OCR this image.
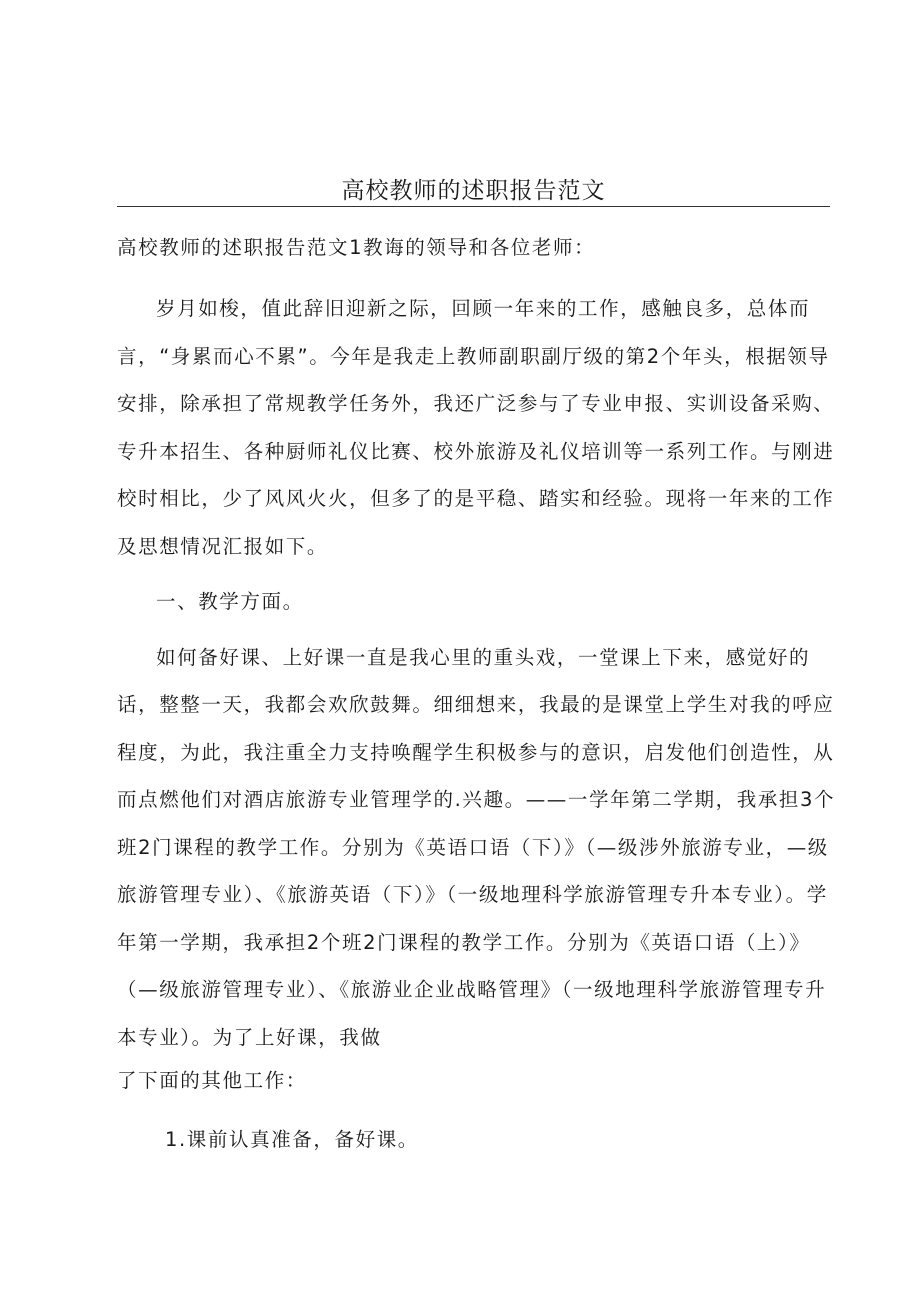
高校教师的述职报告范文

高校教师的述职报告范文1教诲的领导和各位老师：

岁月如梭，值此辞旧迎新之际，回顾一年来的工作，感触良多，总体而言，“身累而心不累”。今年是我走上教师副职副厅级的第2个年头，根据领导安排，除承担了常规教学任务外，我还广泛参与了专业申报、实训设备采购、专升本招生、各种厨师礼仪比赛、校外旅游及礼仪培训等一系列工作。与刚进校时相比，少了风风火火，但多了的是平稳、踏实和经验。现将一年来的工作及思想情况汇报如下。

一、教学方面。

如何备好课、上好课一直是我心里的重头戏，一堂课上下来，感觉好的话，整整一天，我都会欢欣鼓舞。细细想来，我最的是课堂上学生对我的呼应程度，为此，我注重全力支持唤醒学生积极参与的意识，启发他们创造性，从而点燃他们对酒店旅游专业管理学的.兴趣。——一学年第二学期，我承担3个班2门课程的教学工作。分别为《英语口语（下）》（—级涉外旅游专业，—级旅游管理专业）、《旅游英语（下）》（一级地理科学旅游管理专升本专业）。学年第一学期，我承担2个班2门课程的教学工作。分别为《英语口语（上）》（—级旅游管理专业）、《旅游业企业战略管理》（一级地理科学旅游管理专升本专业）。为了上好课，我做

了下面的其他工作：

1.课前认真准备，备好课。
